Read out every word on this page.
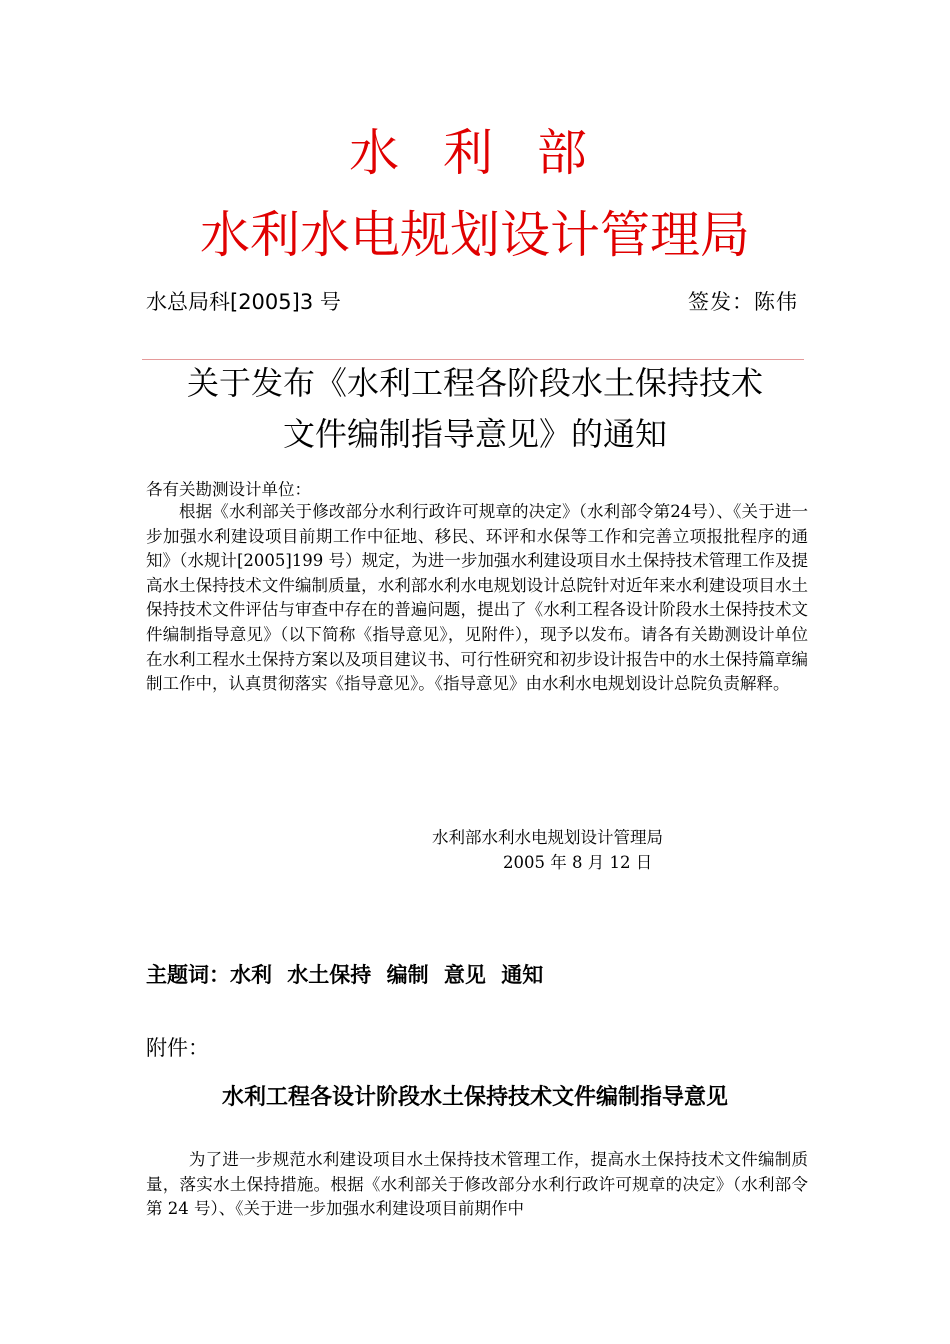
水 利 部
水利水电规划设计管理局
水总局科[2005]3 号	签发：陈伟
关于发布《水利工程各阶段水土保持技术
文件编制指导意见》的通知
各有关勘测设计单位：
根据《水利部关于修改部分水利行政许可规章的决定》（水利部令第24号）、《关于进一步加强水利建设项目前期工作中征地、移民、环评和水保等工作和完善立项报批程序的通知》（水规计[2005]199 号）规定，为进一步加强水利建设项目水土保持技术管理工作及提高水土保持技术文件编制质量，水利部水利水电规划设计总院针对近年来水利建设项目水土保持技术文件评估与审查中存在的普遍问题，提出了《水利工程各设计阶段水土保持技术文件编制指导意见》（以下简称《指导意见》，见附件），现予以发布。请各有关勘测设计单位在水利工程水土保持方案以及项目建议书、可行性研究和初步设计报告中的水土保持篇章编制工作中，认真贯彻落实《指导意见》。《指导意见》由水利水电规划设计总院负责解释。
水利部水利水电规划设计管理局
2005 年 8 月 12 日
主题词：水利 水土保持 编制 意见 通知
附件：
水利工程各设计阶段水土保持技术文件编制指导意见
为了进一步规范水利建设项目水土保持技术管理工作，提高水土保持技术文件编制质量，落实水土保持措施。根据《水利部关于修改部分水利行政许可规章的决定》（水利部令第 24 号）、《关于进一步加强水利建设项目前期作中
